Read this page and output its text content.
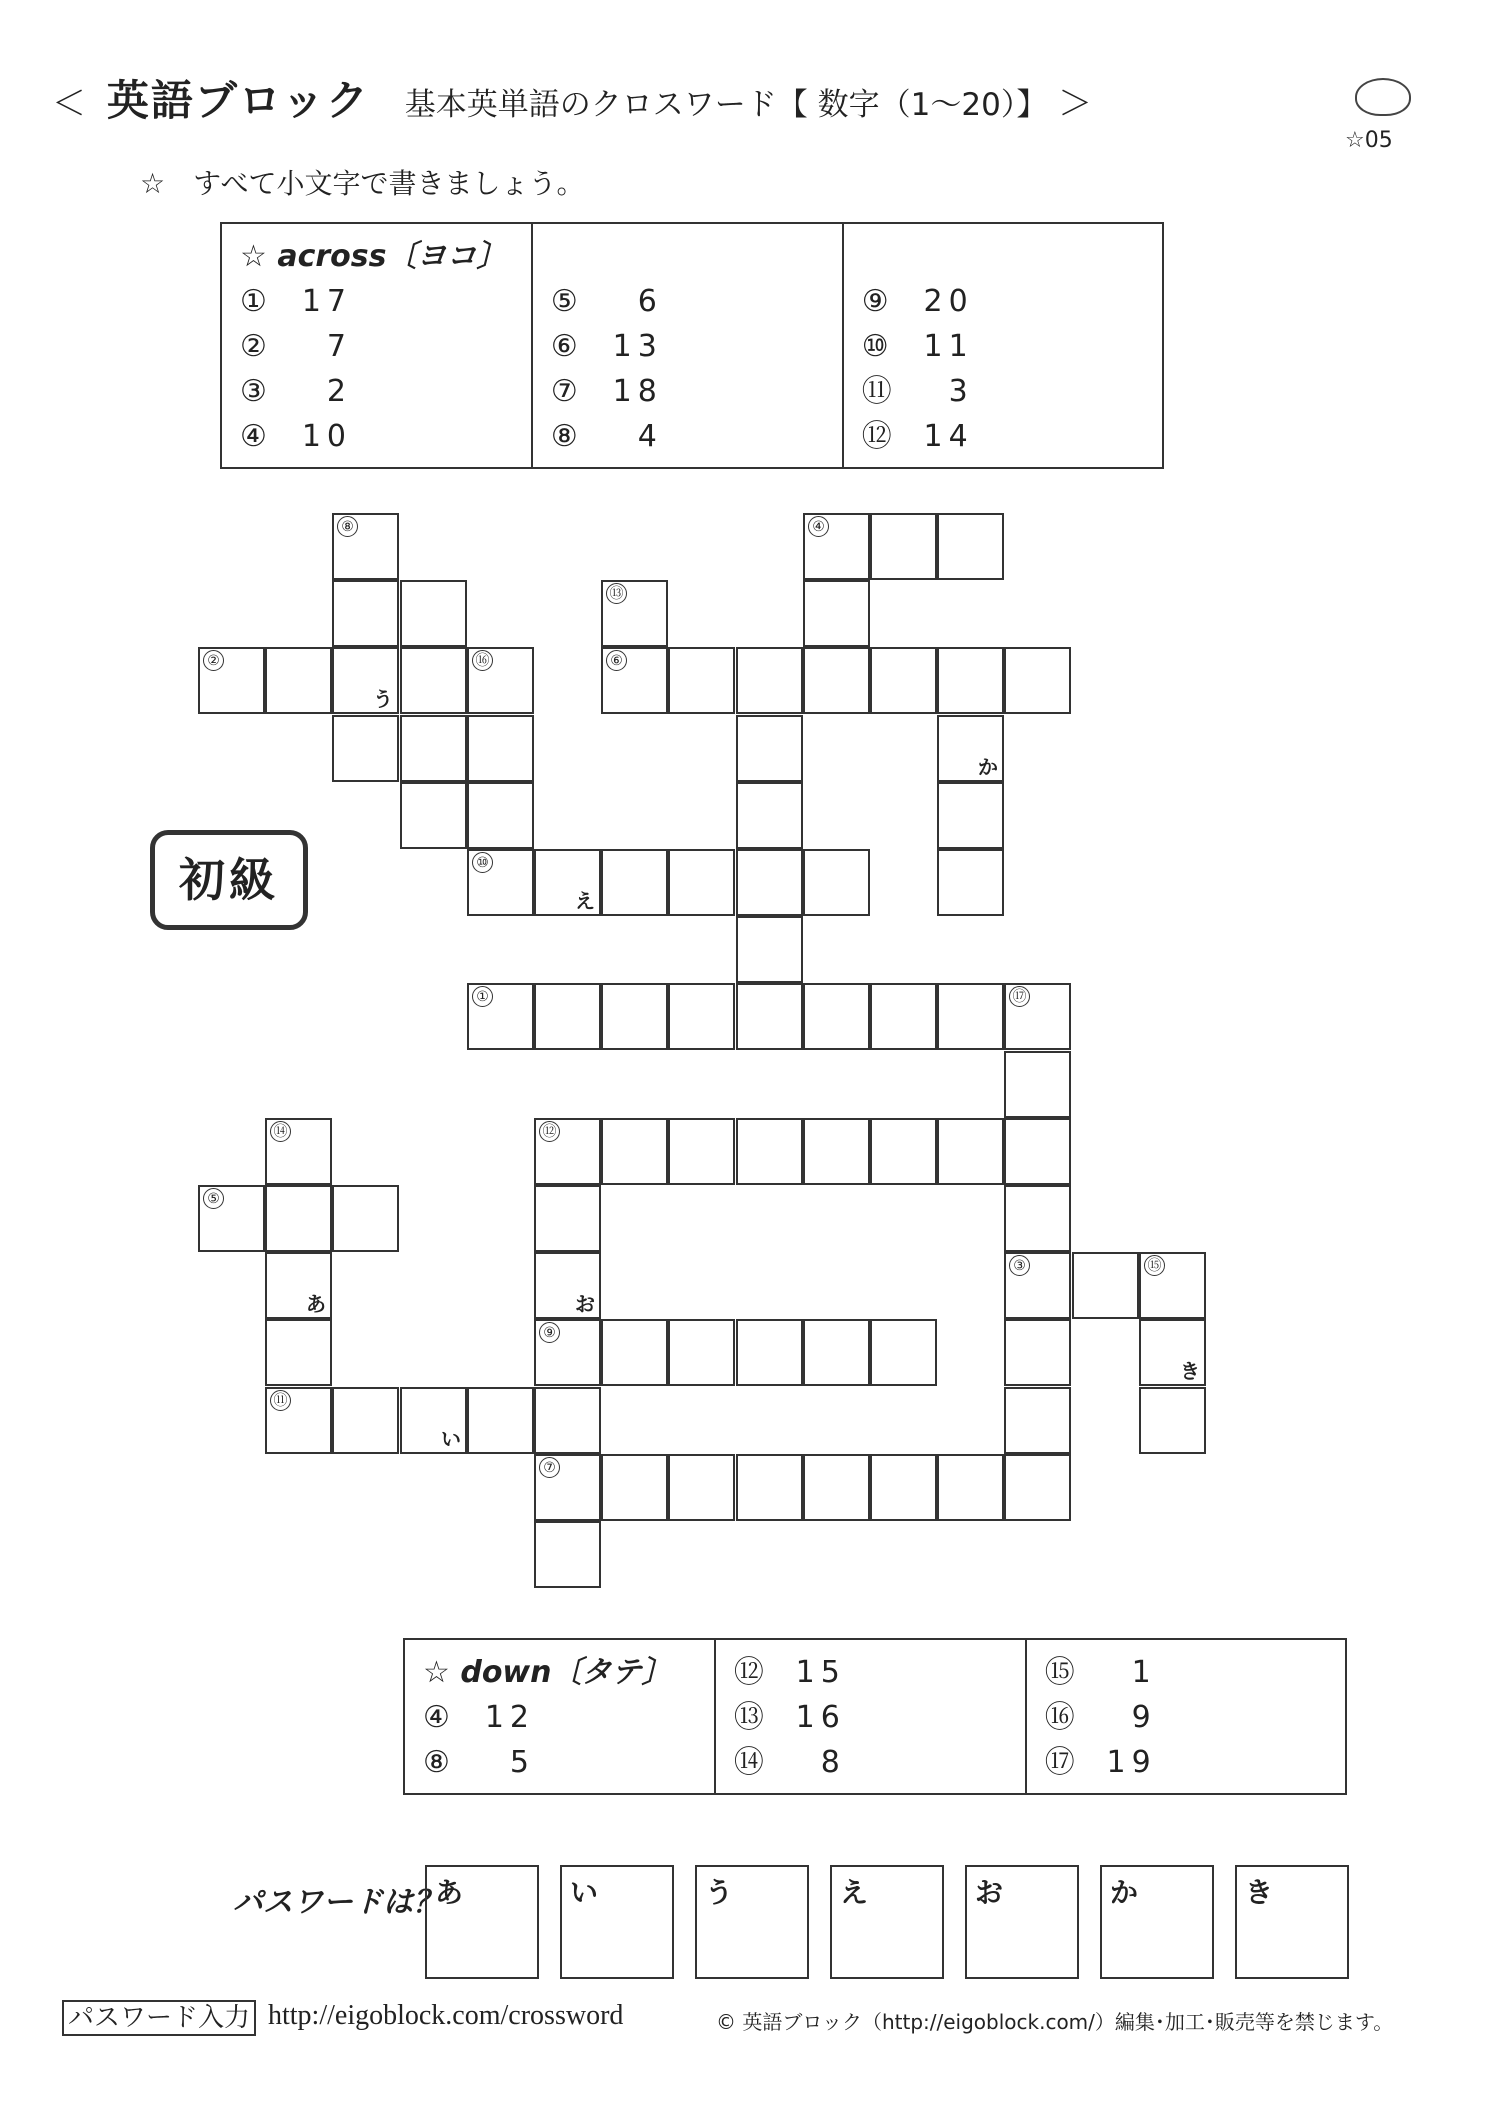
＜ 英語ブロック 基本英単語のクロスワード【 数字（1～20）】 ＞
☆05
☆　すべて小文字で書きましょう。
☆ across〔ヨコ〕
① 17
② 7
③ 2
④ 10

⑤ 6
⑥ 13
⑦ 18
⑧ 4

⑨ 20
⑩ 11
⑪ 3
⑫ 14
⑧
う
⑬
④
②	⑯	⑥
か
⑩
え
①	⑰
⑭	⑫
⑤
あ	お
③	⑮
⑨
き
⑪
い
⑦
初級
☆ down〔タテ〕
④ 12
⑧ 5

⑫ 15
⑬ 16
⑭ 8

⑮ 1
⑯ 9
⑰ 19
パスワードは？
あ	い	う	え	お	か	き
パスワード入力 http://eigoblock.com/crossword	© 英語ブロック（http://eigoblock.com/）編集･加工･販売等を禁じます。
